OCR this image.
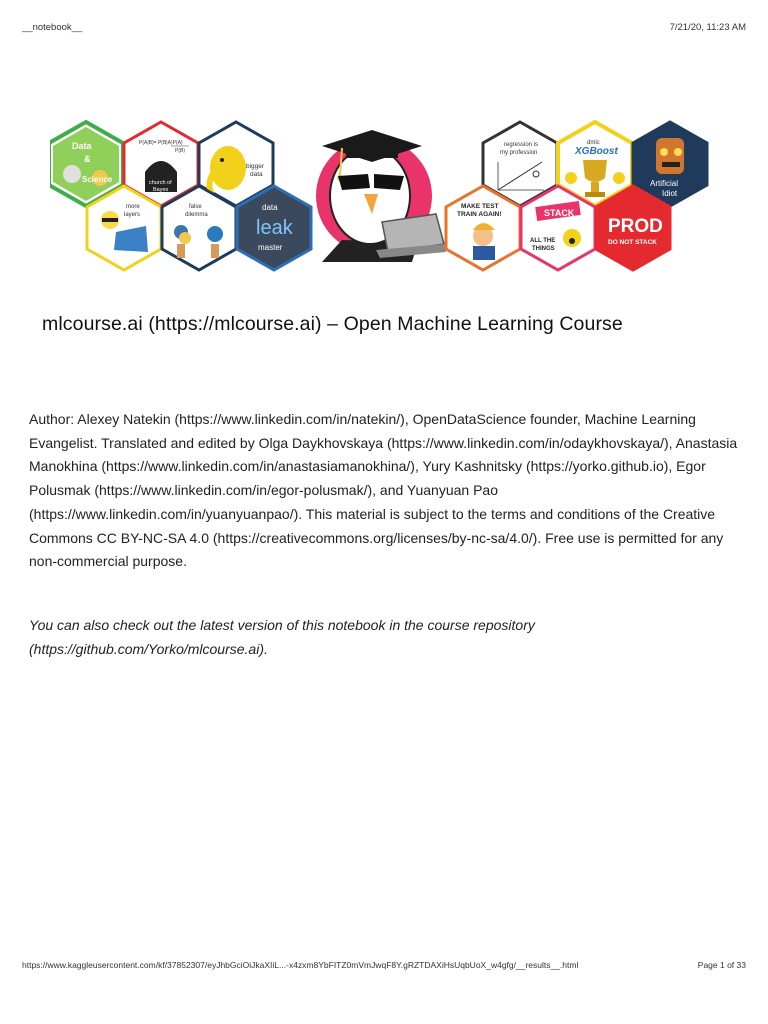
__notebook__	7/21/20, 11:23 AM
Data
&
Science
P(A|B)= P(B|A)P(A)
P(B)
church of
Bayes
bigger
data
more
layers
false
dilemma
data
leak
master
regression is
my profession
dmlc
XGBoost
Artificial
Idiot
MAKE TEST
TRAIN AGAIN!	STACK
ALL THE
THINGS
PROD
DO NOT STACK
mlcourse.ai (https://mlcourse.ai) – Open Machine Learning Course

Author: Alexey Natekin (https://www.linkedin.com/in/natekin/), OpenDataScience founder, Machine Learning Evangelist. Translated and edited by Olga Daykhovskaya (https://www.linkedin.com/in/odaykhovskaya/), Anastasia Manokhina (https://www.linkedin.com/in/anastasiamanokhina/), Yury Kashnitsky (https://yorko.github.io), Egor Polusmak (https://www.linkedin.com/in/egor-polusmak/), and Yuanyuan Pao (https://www.linkedin.com/in/yuanyuanpao/). This material is subject to the terms and conditions of the Creative Commons CC BY-NC-SA 4.0 (https://creativecommons.org/licenses/by-nc-sa/4.0/). Free use is permitted for any non-commercial purpose.

You can also check out the latest version of this notebook in the course repository (https://github.com/Yorko/mlcourse.ai).

https://www.kaggleusercontent.com/kf/37852307/eyJhbGciOiJkaXIiL...-x4zxm8YbFITZ0mVmJwqF8Y.gRZTDAXiHsUqbUoX_w4gfg/__results__.html	Page 1 of 33
